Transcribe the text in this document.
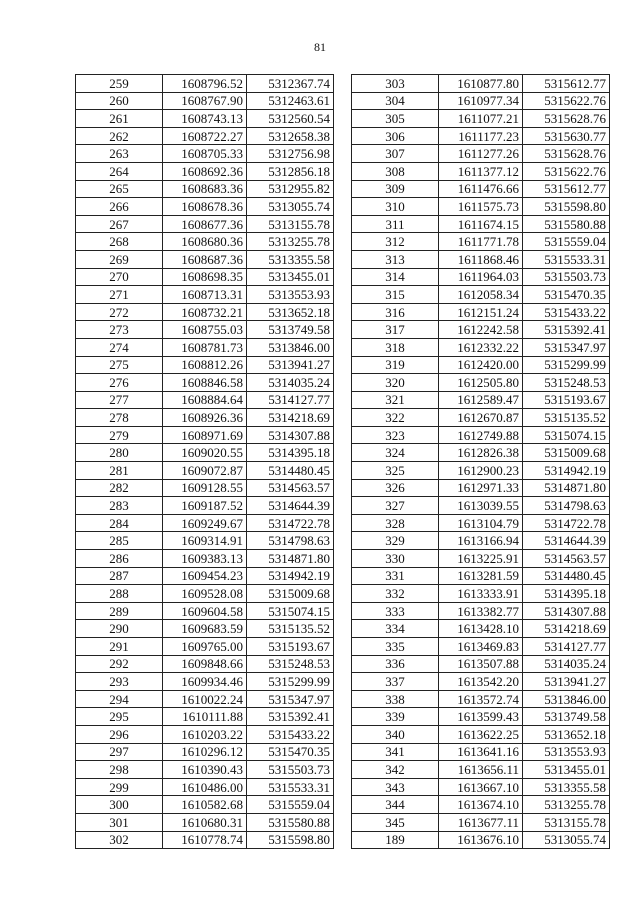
81
259	1608796.52	5312367.74
260	1608767.90	5312463.61
261	1608743.13	5312560.54
262	1608722.27	5312658.38
263	1608705.33	5312756.98
264	1608692.36	5312856.18
265	1608683.36	5312955.82
266	1608678.36	5313055.74
267	1608677.36	5313155.78
268	1608680.36	5313255.78
269	1608687.36	5313355.58
270	1608698.35	5313455.01
271	1608713.31	5313553.93
272	1608732.21	5313652.18
273	1608755.03	5313749.58
274	1608781.73	5313846.00
275	1608812.26	5313941.27
276	1608846.58	5314035.24
277	1608884.64	5314127.77
278	1608926.36	5314218.69
279	1608971.69	5314307.88
280	1609020.55	5314395.18
281	1609072.87	5314480.45
282	1609128.55	5314563.57
283	1609187.52	5314644.39
284	1609249.67	5314722.78
285	1609314.91	5314798.63
286	1609383.13	5314871.80
287	1609454.23	5314942.19
288	1609528.08	5315009.68
289	1609604.58	5315074.15
290	1609683.59	5315135.52
291	1609765.00	5315193.67
292	1609848.66	5315248.53
293	1609934.46	5315299.99
294	1610022.24	5315347.97
295	1610111.88	5315392.41
296	1610203.22	5315433.22
297	1610296.12	5315470.35
298	1610390.43	5315503.73
299	1610486.00	5315533.31
300	1610582.68	5315559.04
301	1610680.31	5315580.88
302	1610778.74	5315598.80
303	1610877.80	5315612.77
304	1610977.34	5315622.76
305	1611077.21	5315628.76
306	1611177.23	5315630.77
307	1611277.26	5315628.76
308	1611377.12	5315622.76
309	1611476.66	5315612.77
310	1611575.73	5315598.80
311	1611674.15	5315580.88
312	1611771.78	5315559.04
313	1611868.46	5315533.31
314	1611964.03	5315503.73
315	1612058.34	5315470.35
316	1612151.24	5315433.22
317	1612242.58	5315392.41
318	1612332.22	5315347.97
319	1612420.00	5315299.99
320	1612505.80	5315248.53
321	1612589.47	5315193.67
322	1612670.87	5315135.52
323	1612749.88	5315074.15
324	1612826.38	5315009.68
325	1612900.23	5314942.19
326	1612971.33	5314871.80
327	1613039.55	5314798.63
328	1613104.79	5314722.78
329	1613166.94	5314644.39
330	1613225.91	5314563.57
331	1613281.59	5314480.45
332	1613333.91	5314395.18
333	1613382.77	5314307.88
334	1613428.10	5314218.69
335	1613469.83	5314127.77
336	1613507.88	5314035.24
337	1613542.20	5313941.27
338	1613572.74	5313846.00
339	1613599.43	5313749.58
340	1613622.25	5313652.18
341	1613641.16	5313553.93
342	1613656.11	5313455.01
343	1613667.10	5313355.58
344	1613674.10	5313255.78
345	1613677.11	5313155.78
189	1613676.10	5313055.74
